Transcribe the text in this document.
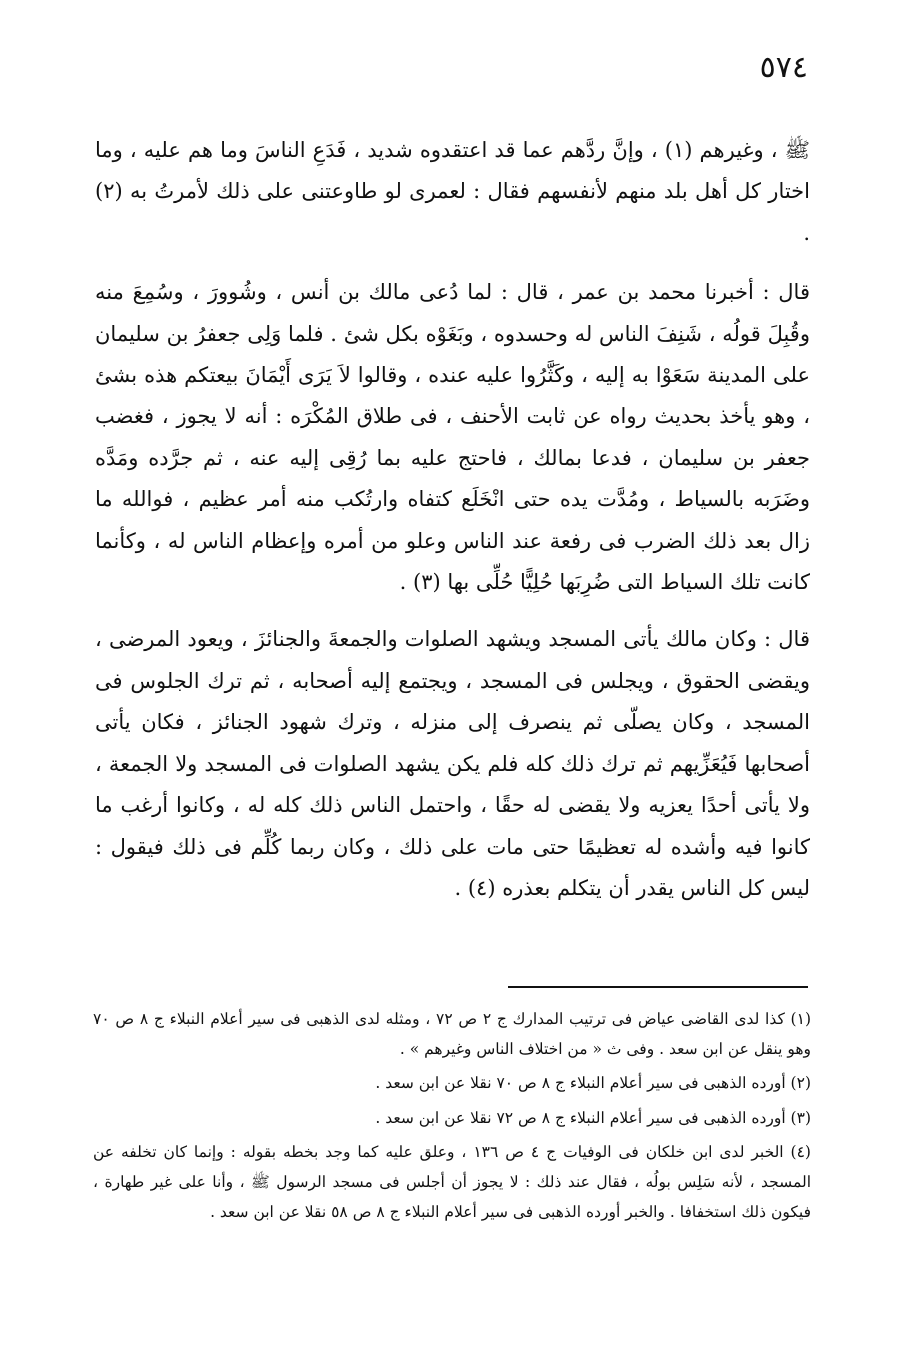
٥٧٤

ﷺ ، وغيرهم (١) ، وإنَّ ردَّهم عما قد اعتقدوه شديد ، فَدَعِ الناسَ وما هم عليه ، وما اختار كل أهل بلد منهم لأنفسهم فقال : لعمرى لو طاوعتنى على ذلك لأمرتُ به (٢) .

قال : أخبرنا محمد بن عمر ، قال : لما دُعى مالك بن أنس ، وشُوورَ ، وسُمِعَ منه وقُبِلَ قولُه ، شَنِفَ الناس له وحسدوه ، وبَغَوْه بكل شئ . فلما وَلِى جعفرُ بن سليمان على المدينة سَعَوْا به إليه ، وكَثَّرُوا عليه عنده ، وقالوا لاَ يَرَى أَيْمَانَ بيعتكم هذه بشئ ، وهو يأخذ بحديث رواه عن ثابت الأحنف ، فى طلاق المُكْرَه : أنه لا يجوز ، فغضب جعفر بن سليمان ، فدعا بمالك ، فاحتج عليه بما رُقِى إليه عنه ، ثم جرَّده ومَدَّه وضَرَبه بالسياط ، ومُدَّت يده حتى انْخَلَع كتفاه وارتُكب منه أمر عظيم ، فوالله ما زال بعد ذلك الضرب فى رفعة عند الناس وعلو من أمره وإعظام الناس له ، وكأنما كانت تلك السياط التى ضُرِبَها حُلِيًّا حُلِّى بها (٣) .

قال : وكان مالك يأتى المسجد ويشهد الصلوات والجمعةَ والجنائزَ ، ويعود المرضى ، ويقضى الحقوق ، ويجلس فى المسجد ، ويجتمع إليه أصحابه ، ثم ترك الجلوس فى المسجد ، وكان يصلّى ثم ينصرف إلى منزله ، وترك شهود الجنائز ، فكان يأتى أصحابها فَيُعَزِّيهم ثم ترك ذلك كله فلم يكن يشهد الصلوات فى المسجد ولا الجمعة ، ولا يأتى أحدًا يعزيه ولا يقضى له حقًا ، واحتمل الناس ذلك كله له ، وكانوا أرغب ما كانوا فيه وأشده له تعظيمًا حتى مات على ذلك ، وكان ربما كُلِّم فى ذلك فيقول : ليس كل الناس يقدر أن يتكلم بعذره (٤) .

(١) كذا لدى القاضى عياض فى ترتيب المدارك ج ٢ ص ٧٢ ، ومثله لدى الذهبى فى سير أعلام النبلاء ج ٨ ص ٧٠ وهو ينقل عن ابن سعد . وفى ث « من اختلاف الناس وغيرهم » .

(٢) أورده الذهبى فى سير أعلام النبلاء ج ٨ ص ٧٠ نقلا عن ابن سعد .

(٣) أورده الذهبى فى سير أعلام النبلاء ج ٨ ص ٧٢ نقلا عن ابن سعد .

(٤) الخبر لدى ابن خلكان فى الوفيات ج ٤ ص ١٣٦ ، وعلق عليه كما وجد بخطه بقوله : وإنما كان تخلفه عن المسجد ، لأنه سَلِس بولُه ، فقال عند ذلك : لا يجوز أن أجلس فى مسجد الرسول ﷺ ، وأنا على غير طهارة ، فيكون ذلك استخفافا . والخبر أورده الذهبى فى سير أعلام النبلاء ج ٨ ص ٥٨ نقلا عن ابن سعد .
